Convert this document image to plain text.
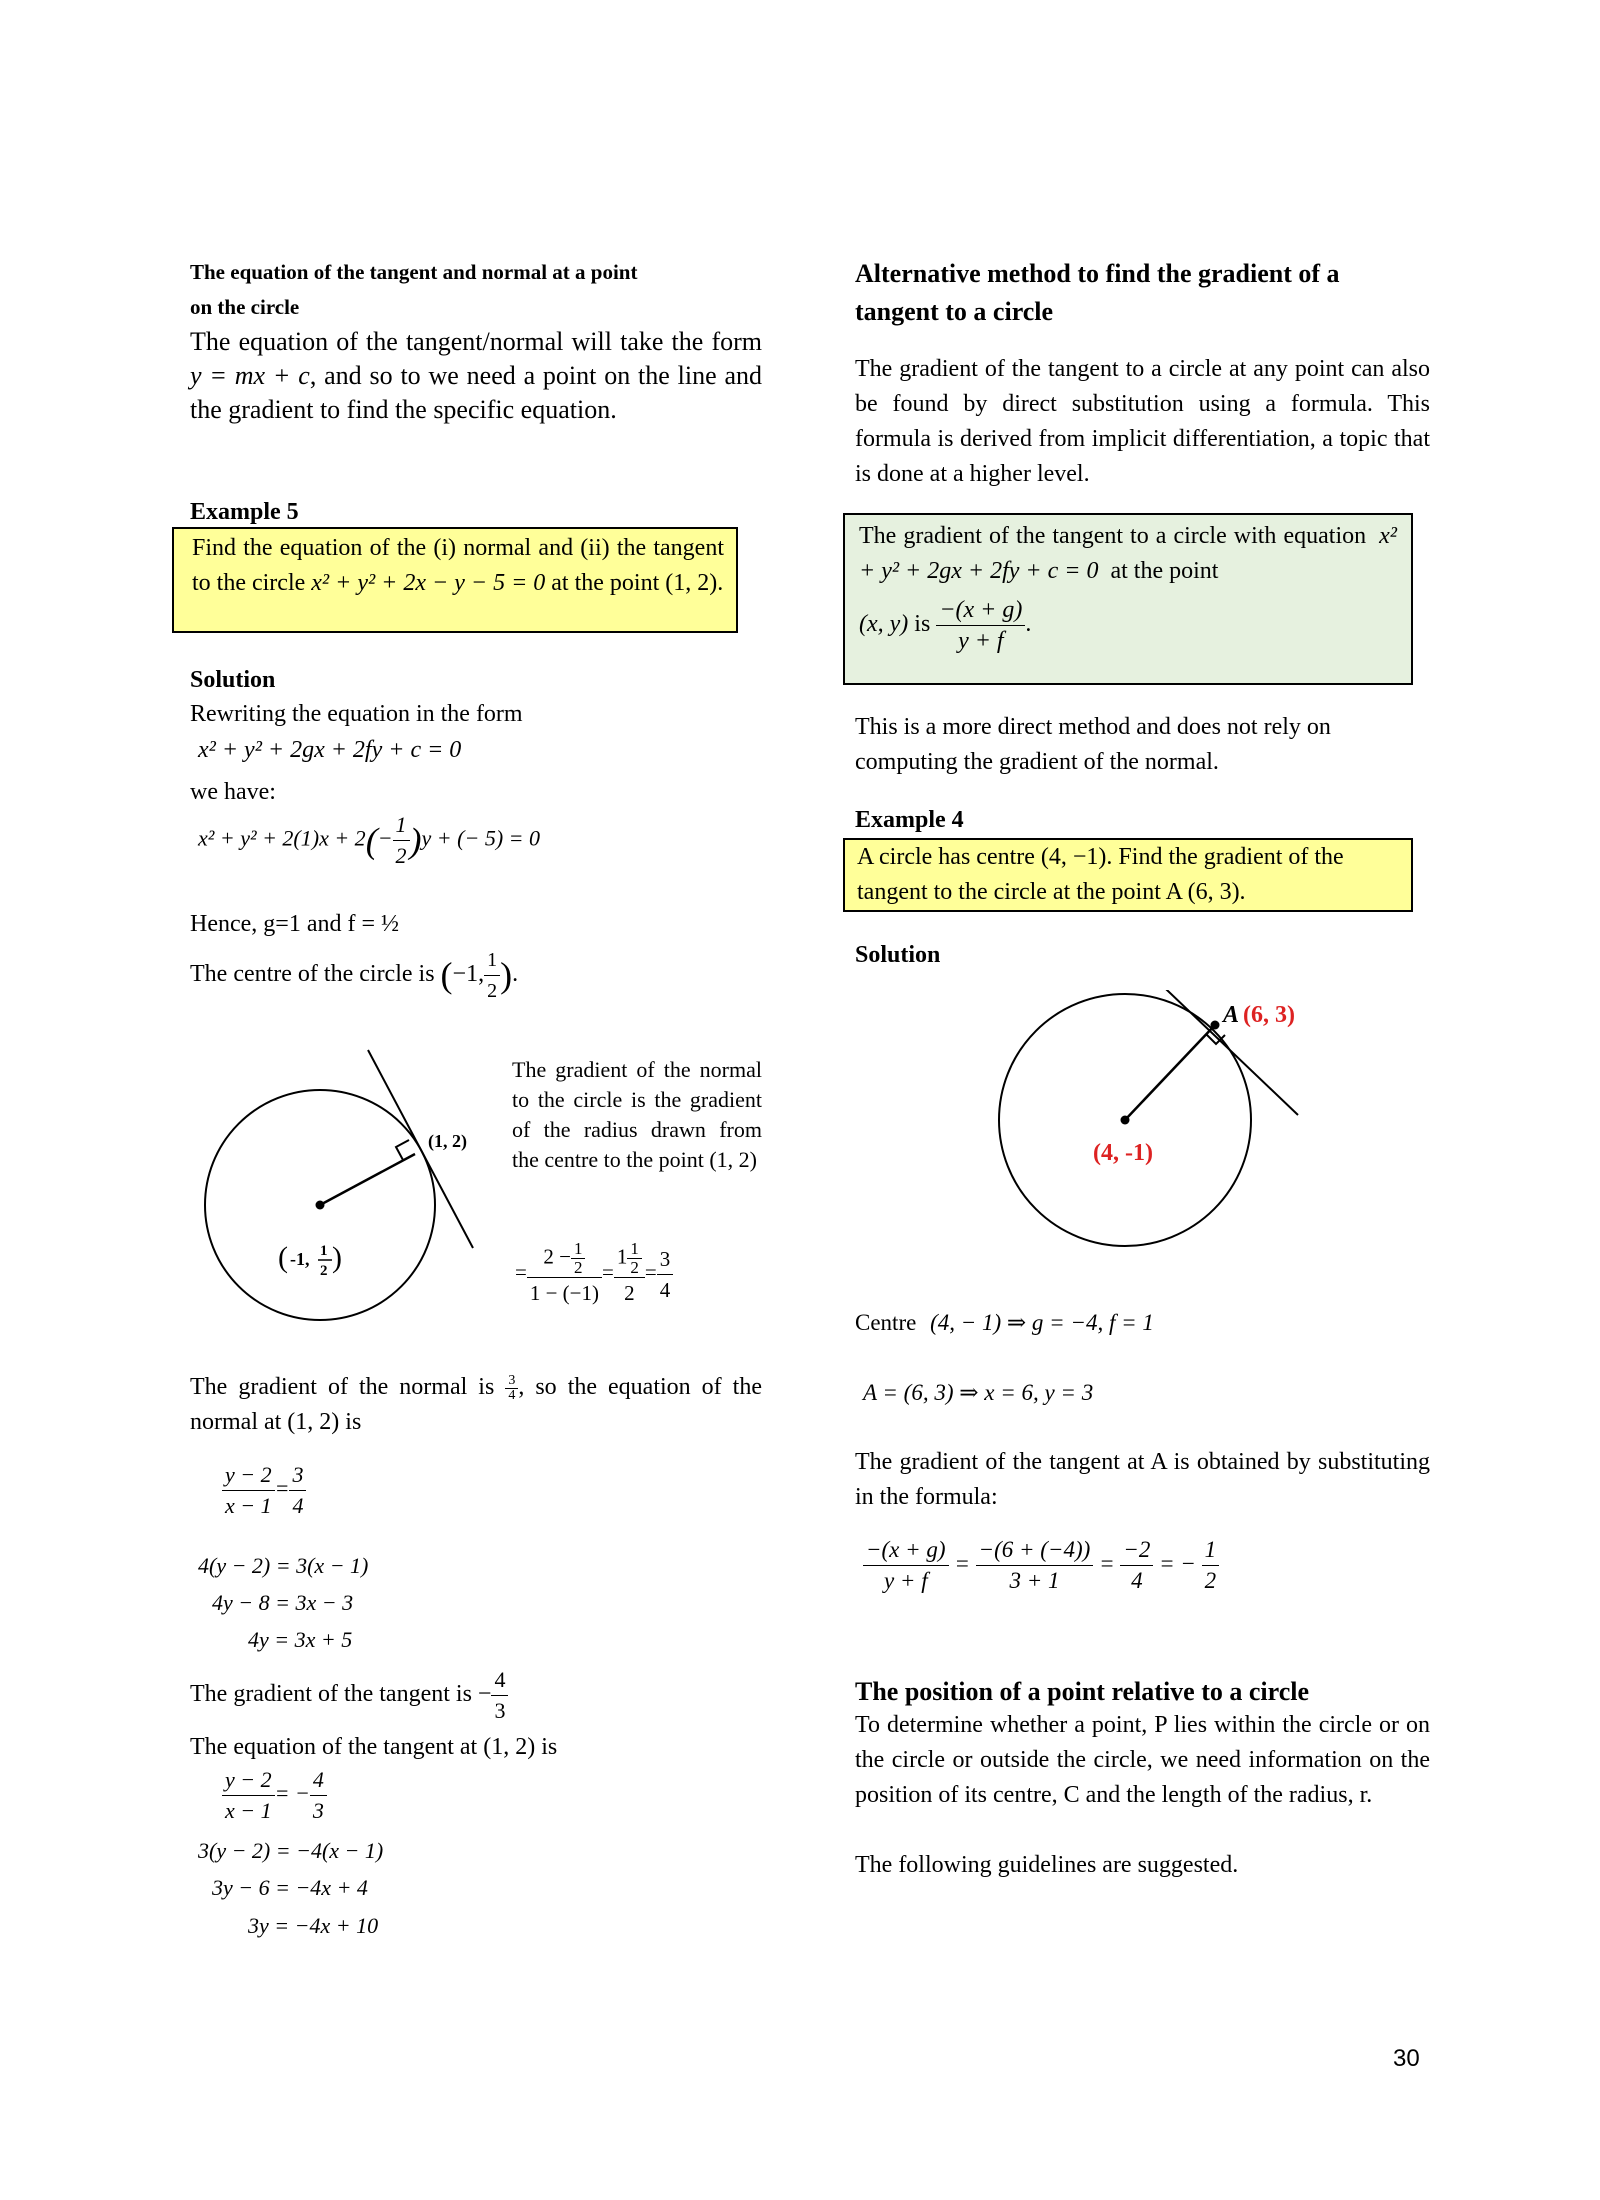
The equation of the tangent and normal at a point
on the circle

The equation of the tangent/normal will take the form y = mx + c, and so to we need a point on the line and the gradient to find the specific equation.

Example 5

Find the equation of the (i) normal and (ii) the tangent to the circle x² + y² + 2x − y − 5 = 0 at the point (1, 2).

Solution

Rewriting the equation in the form

x² + y² + 2gx + 2fy + c = 0

we have:

$x^2 + y^2 + 2(1)x + 2(- \frac{1}{2} )y$ + (− 5) = 0

Hence, g=1 and f = ½

The centre of the circle is (−1, $\frac{1}{2}$ ).
(1, 2)
-1, 1
2
( )

The gradient of the normal to the circle is the gradient of the radius drawn from the centre to the point (1, 2)

= $\frac{2 - \frac{1}{2}}{1 - (-1)} = \frac{1 \frac{1}{2}}{2} = \frac{3}{4}$

The gradient of the normal is $\frac{3}{4}$ , so the equation of the normal at (1, 2) is

$\frac{y - 2}{x - 1} = \frac{3}{4}$
4(y − 2) = 3(x − 1)
4y − 8 = 3x − 3
4y = 3x + 5
The gradient of the tangent is − $\frac{4}{3}$

The equation of the tangent at (1, 2) is

$\frac{y - 2}{x - 1}$ = − $\frac{4}{3}$
3(y − 2) = −4(x − 1)
3y − 6 = −4x + 4
3y = −4x + 10

Alternative method to find the gradient of a
tangent to a circle

The gradient of the tangent to a circle at any point can also be found by direct substitution using a formula. This formula is derived from implicit differentiation, a topic that is done at a higher level.

The gradient of the tangent to a circle with equation x² + y² + 2gx + 2fy + c = 0 at the point

(x, y) is $\frac{-(x + g)}{y + f}$ .

This is a more direct method and does not rely on computing the gradient of the normal.

Example 4

A circle has centre (4, −1). Find the gradient of the tangent to the circle at the point A (6, 3).

Solution

A (6, 3)
(4, -1)
Centre (4, − 1) ⇒ g = −4, f = 1
A = (6, 3) ⇒ x = 6, y = 3

The gradient of the tangent at A is obtained by substituting in the formula:

$\frac{-(x + g)}{y + f} = \frac{-(6 + (-4))}{3 + 1} = \frac{-2}{4}$ = − $\frac{1}{2}$

The position of a point relative to a circle

To determine whether a point, P lies within the circle or on the circle or outside the circle, we need information on the position of its centre, C and the length of the radius, r.

The following guidelines are suggested.

30
